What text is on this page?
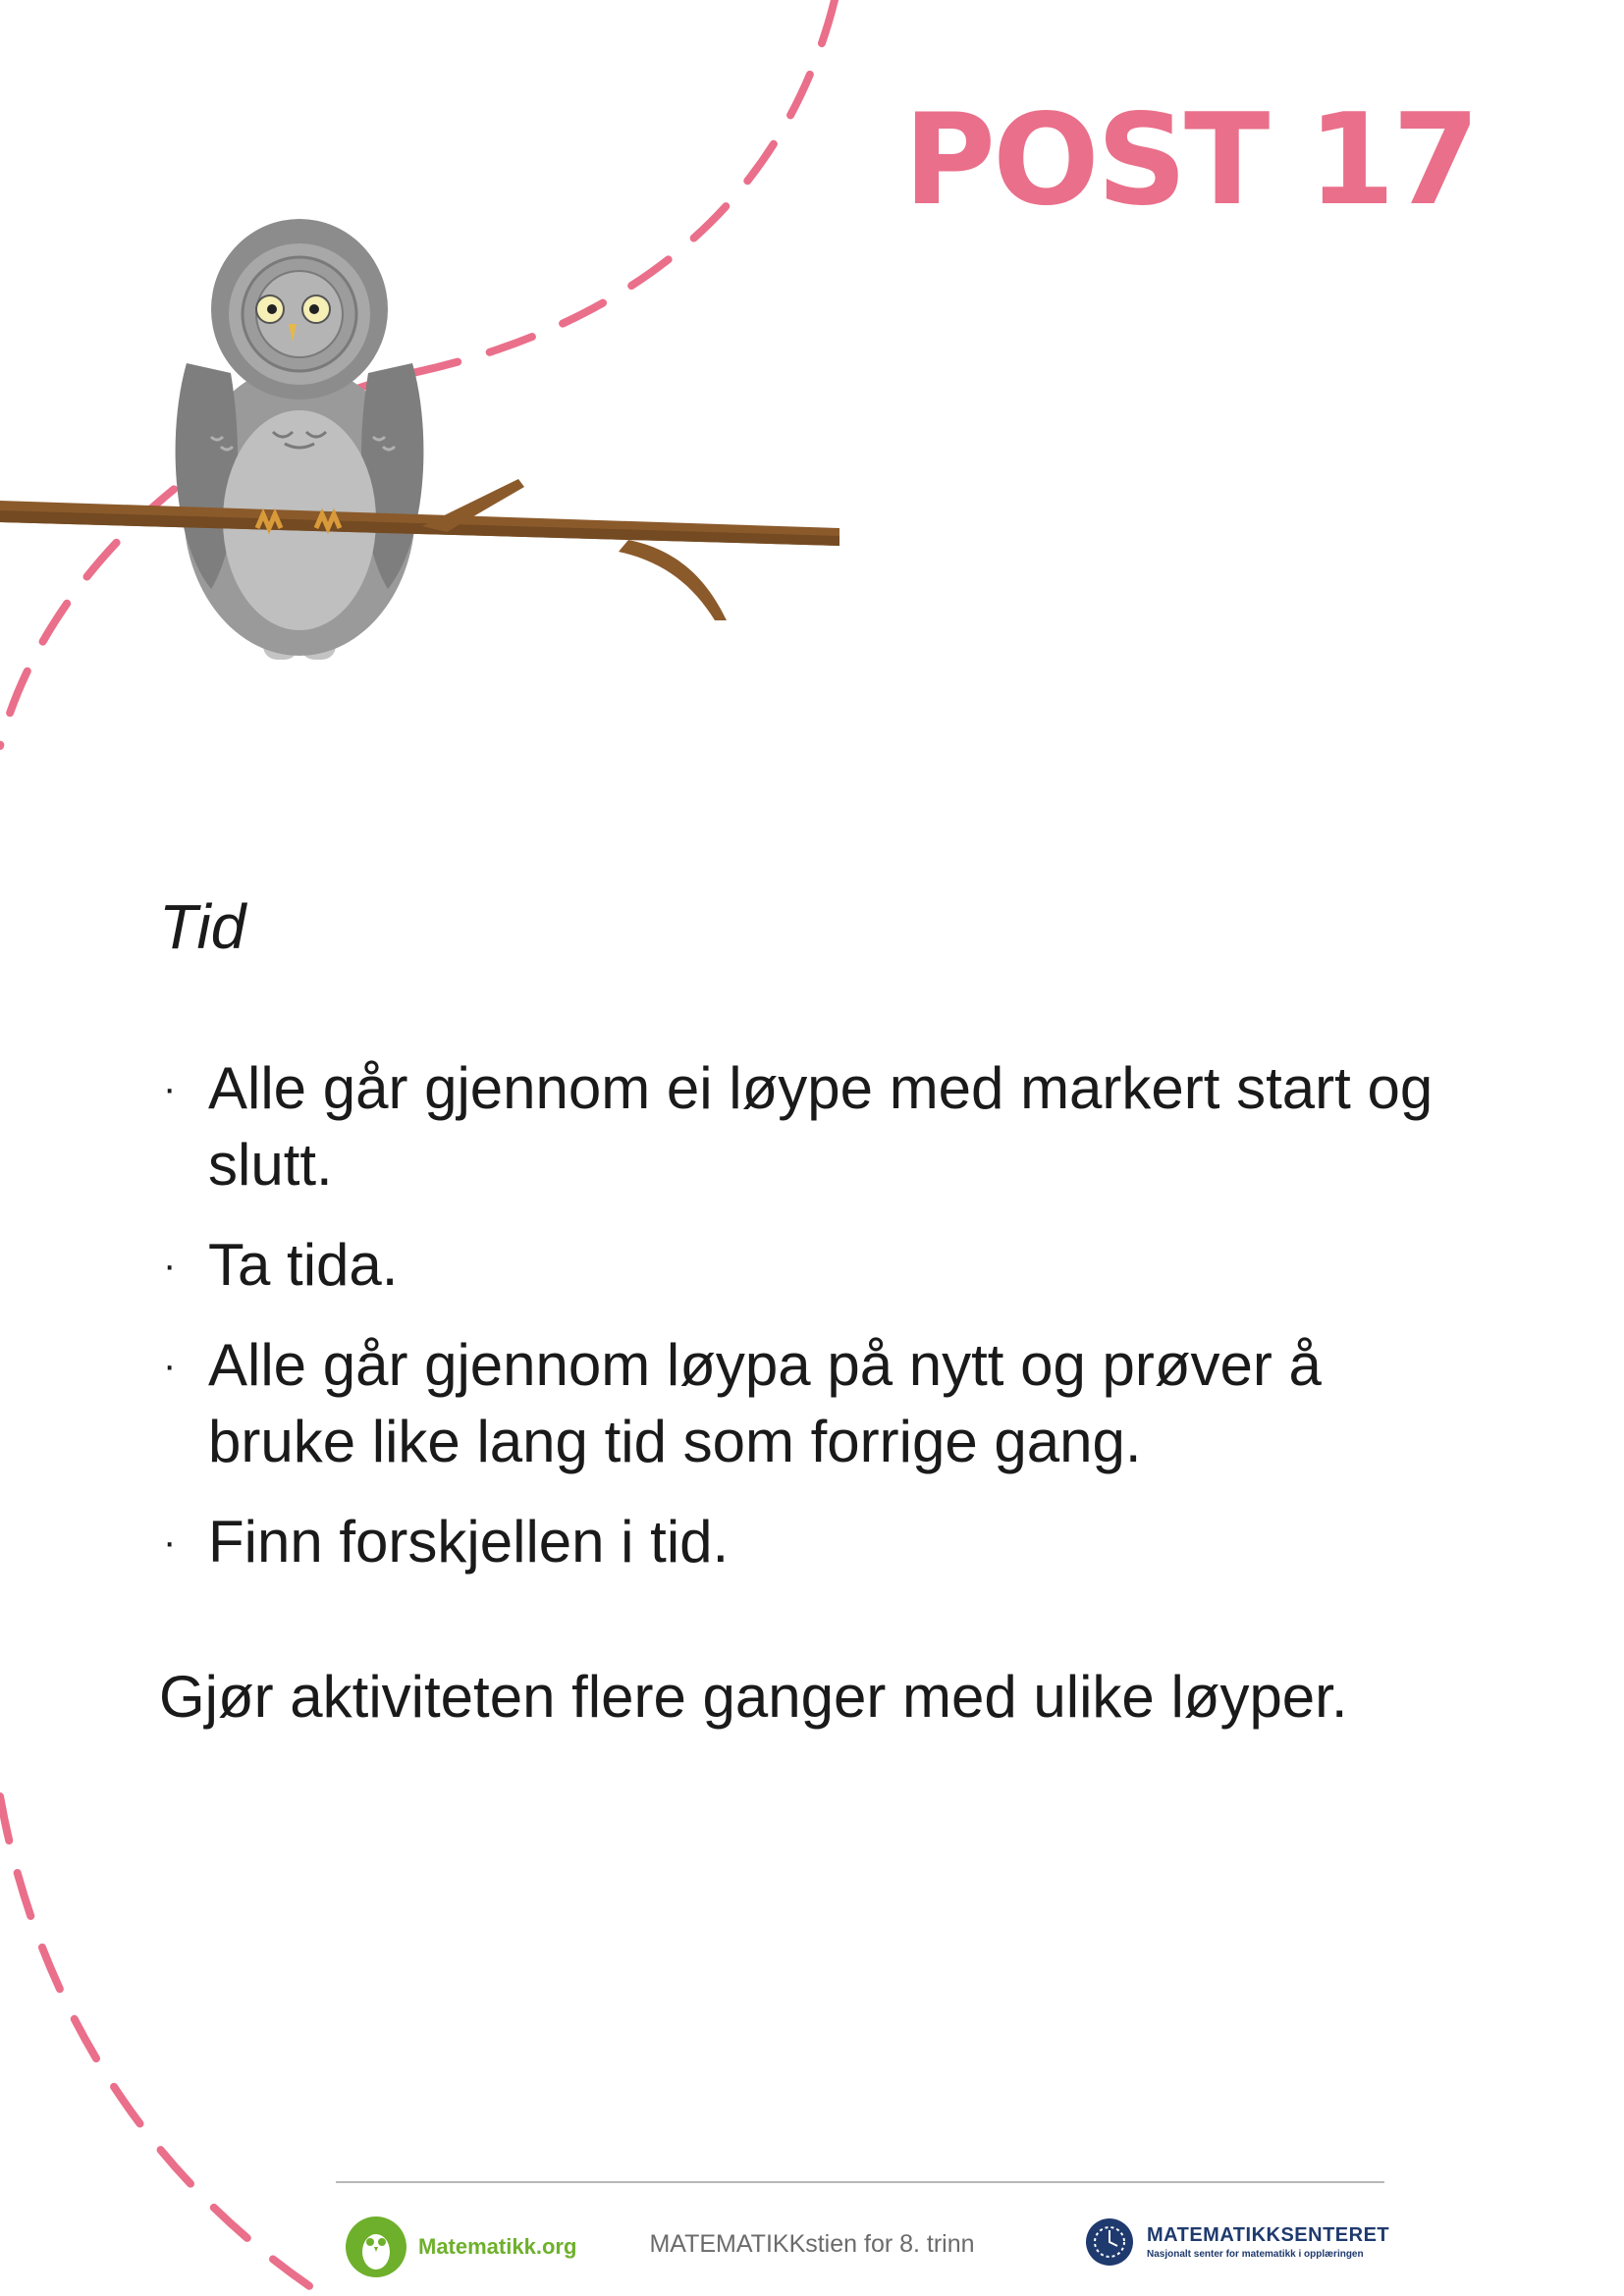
POST 17
Tid
· Alle går gjennom ei løype med markert start og slutt.
· Ta tida.
· Alle går gjennom løypa på nytt og prøver å bruke like lang tid som forrige gang.
· Finn forskjellen i tid.

Gjør aktiviteten flere ganger med ulike løyper.

Matematikk.org	MATEMATIKKstien for 8. trinn	MATEMATIKKSENTERET
Nasjonalt senter for matematikk i opplæringen
